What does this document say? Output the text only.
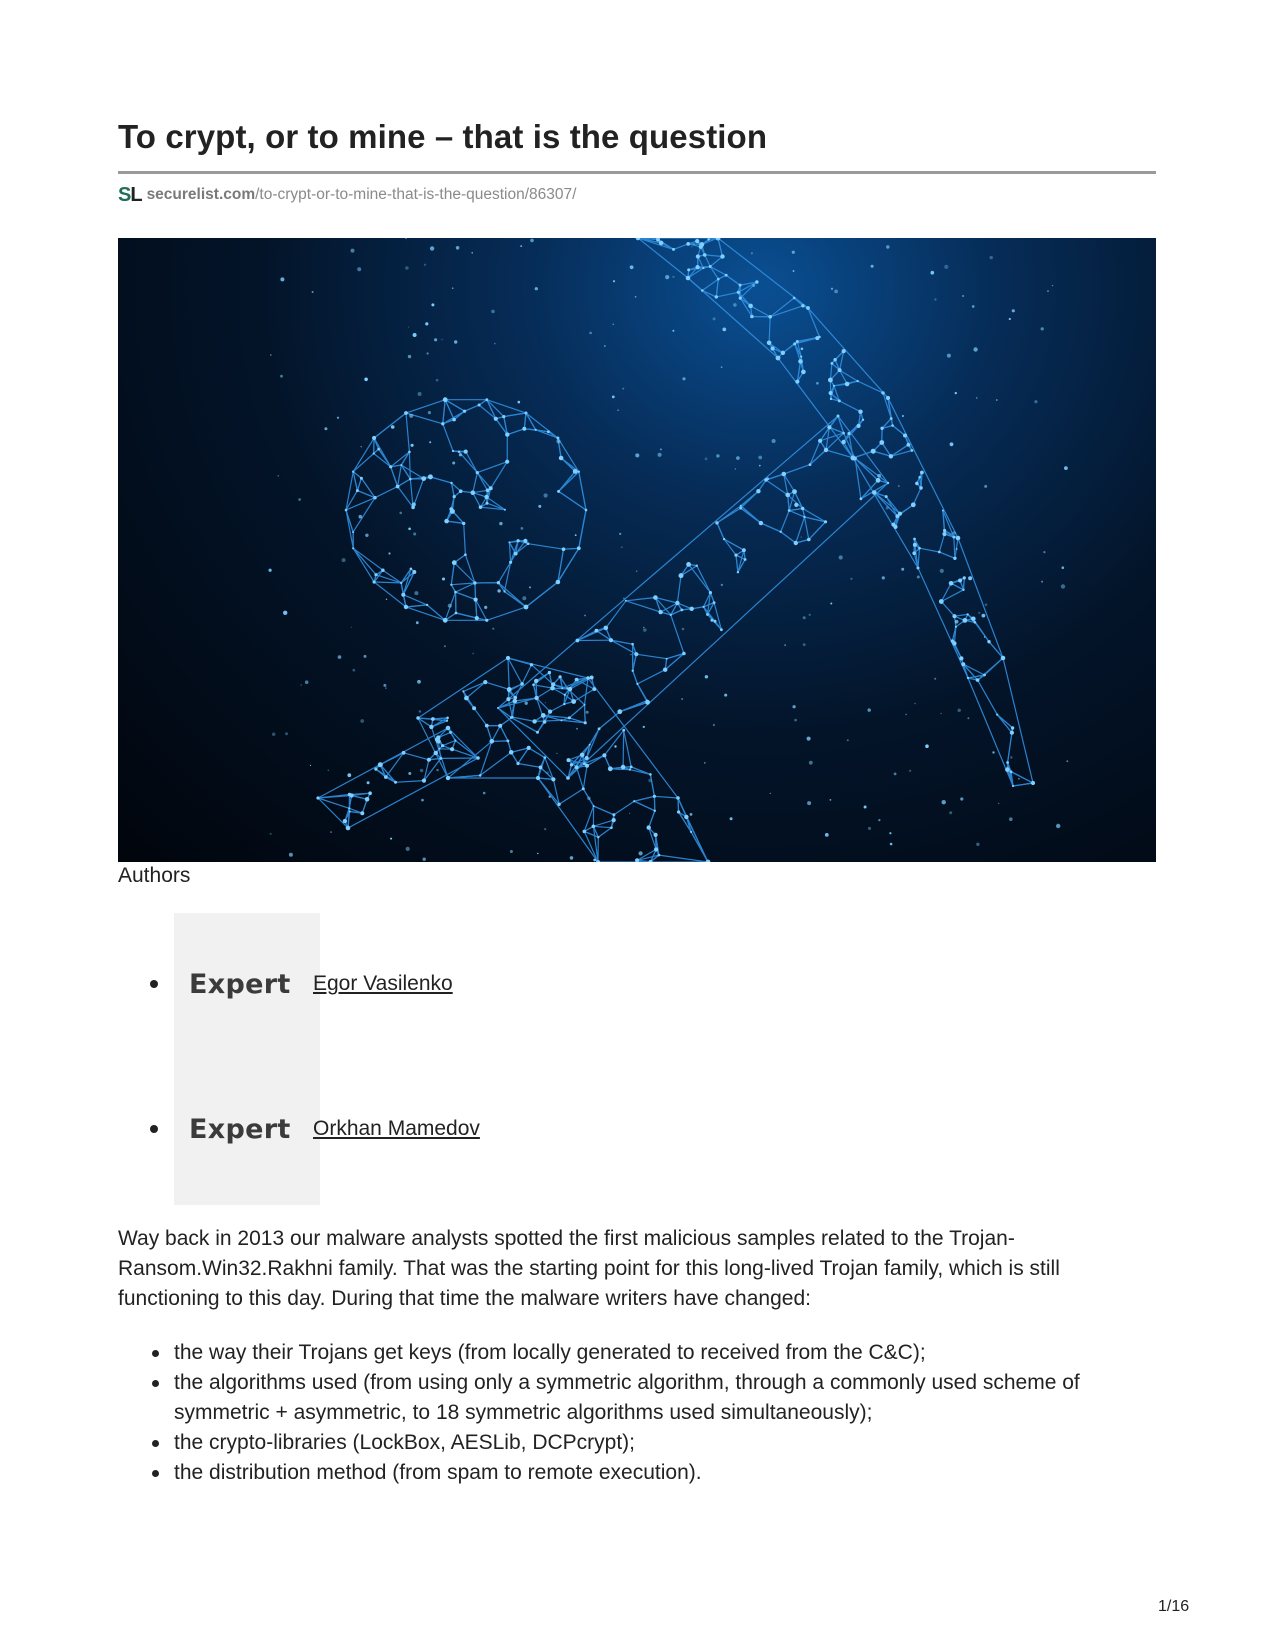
To crypt, or to mine – that is the question
SL securelist.com /to-crypt-or-to-mine-that-is-the-question/86307/
Authors
Expert	Egor Vasilenko
Expert	Orkhan Mamedov

Way back in 2013 our malware analysts spotted the first malicious samples related to the Trojan-Ransom.Win32.Rakhni family. That was the starting point for this long-lived Trojan family, which is still functioning to this day. During that time the malware writers have changed:

the way their Trojans get keys (from locally generated to received from the C&C);
the algorithms used (from using only a symmetric algorithm, through a commonly used scheme of symmetric + asymmetric, to 18 symmetric algorithms used simultaneously);
the crypto-libraries (LockBox, AESLib, DCPcrypt);
the distribution method (from spam to remote execution).
1/16
